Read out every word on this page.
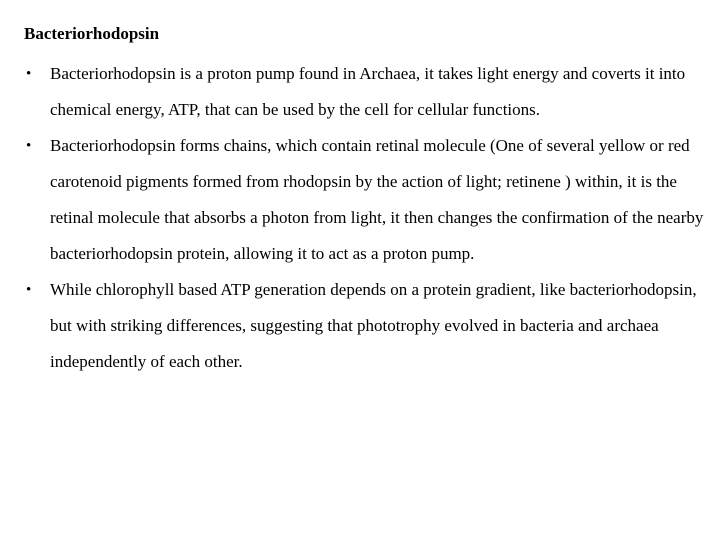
Bacteriorhodopsin
• Bacteriorhodopsin is a proton pump found in Archaea, it takes light energy and coverts it into chemical energy, ATP, that can be used by the cell for cellular functions.
• Bacteriorhodopsin forms chains, which contain retinal molecule (One of several yellow or red carotenoid pigments formed from rhodopsin by the action of light; retinene ) within, it is the retinal molecule that absorbs a photon from light, it then changes the confirmation of the nearby bacteriorhodopsin protein, allowing it to act as a proton pump.
• While chlorophyll based ATP generation depends on a protein gradient, like bacteriorhodopsin, but with striking differences, suggesting that phototrophy evolved in bacteria and archaea independently of each other.
